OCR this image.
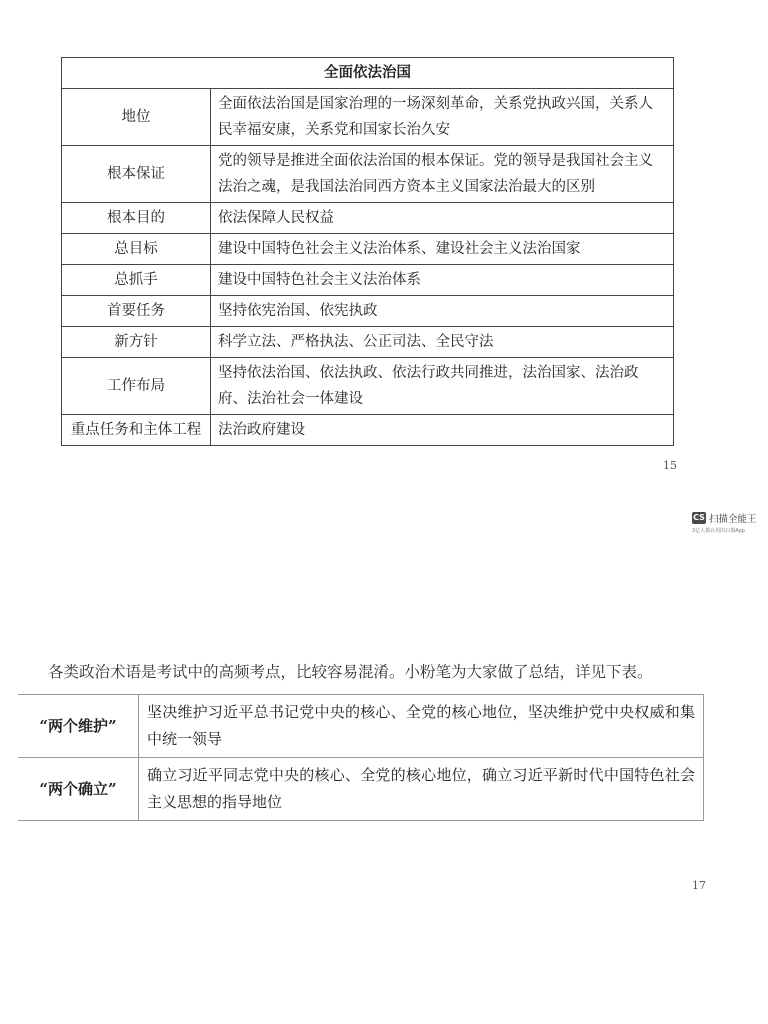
全面依法治国	
地位	全面依法治国是国家治理的一场深刻革命，关系党执政兴国，关系人民幸福安康，关系党和国家长治久安
根本保证	党的领导是推进全面依法治国的根本保证。党的领导是我国社会主义法治之魂，是我国法治同西方资本主义国家法治最大的区别
根本目的	依法保障人民权益
总目标	建设中国特色社会主义法治体系、建设社会主义法治国家
总抓手	建设中国特色社会主义法治体系
首要任务	坚持依宪治国、依宪执政
新方针	科学立法、严格执法、公正司法、全民守法
工作布局	坚持依法治国、依法执政、依法行政共同推进，法治国家、法治政府、法治社会一体建设
重点任务和主体工程	法治政府建设
15
CS 扫描全能王
3亿人都在用的扫描App
各类政治术语是考试中的高频考点，比较容易混淆。小粉笔为大家做了总结，详见下表。
“两个维护”	坚决维护习近平总书记党中央的核心、全党的核心地位，坚决维护党中央权威和集中统一领导
“两个确立”	确立习近平同志党中央的核心、全党的核心地位，确立习近平新时代中国特色社会主义思想的指导地位
17
